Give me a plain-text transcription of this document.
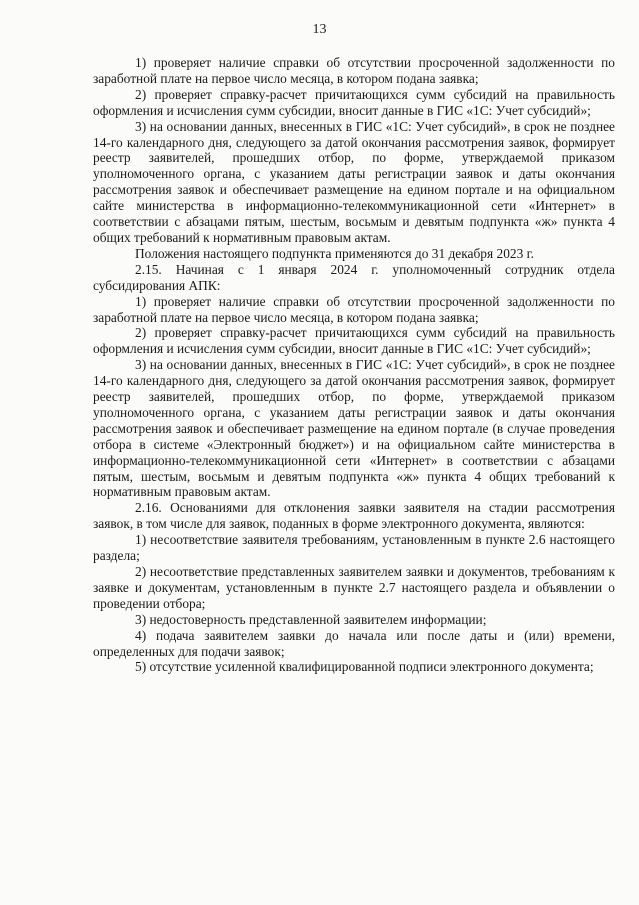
13

1) проверяет наличие справки об отсутствии просроченной задолженности по заработной плате на первое число месяца, в котором подана заявка;

2) проверяет справку-расчет причитающихся сумм субсидий на правильность оформления и исчисления сумм субсидии, вносит данные в ГИС «1С: Учет субсидий»;

3) на основании данных, внесенных в ГИС «1С: Учет субсидий», в срок не позднее 14-го календарного дня, следующего за датой окончания рассмотрения заявок, формирует реестр заявителей, прошедших отбор, по форме, утверждаемой приказом уполномоченного органа, с указанием даты регистрации заявок и даты окончания рассмотрения заявок и обеспечивает размещение на едином портале и на официальном сайте министерства в информационно-телекоммуникационной сети «Интернет» в соответствии с абзацами пятым, шестым, восьмым и девятым подпункта «ж» пункта 4 общих требований к нормативным правовым актам.

Положения настоящего подпункта применяются до 31 декабря 2023 г.

2.15. Начиная с 1 января 2024 г. уполномоченный сотрудник отдела субсидирования АПК:

1) проверяет наличие справки об отсутствии просроченной задолженности по заработной плате на первое число месяца, в котором подана заявка;

2) проверяет справку-расчет причитающихся сумм субсидий на правильность оформления и исчисления сумм субсидии, вносит данные в ГИС «1С: Учет субсидий»;

3) на основании данных, внесенных в ГИС «1С: Учет субсидий», в срок не позднее 14-го календарного дня, следующего за датой окончания рассмотрения заявок, формирует реестр заявителей, прошедших отбор, по форме, утверждаемой приказом уполномоченного органа, с указанием даты регистрации заявок и даты окончания рассмотрения заявок и обеспечивает размещение на едином портале (в случае проведения отбора в системе «Электронный бюджет») и на официальном сайте министерства в информационно-телекоммуникационной сети «Интернет» в соответствии с абзацами пятым, шестым, восьмым и девятым подпункта «ж» пункта 4 общих требований к нормативным правовым актам.

2.16. Основаниями для отклонения заявки заявителя на стадии рассмотрения заявок, в том числе для заявок, поданных в форме электронного документа, являются:

1) несоответствие заявителя требованиям, установленным в пункте 2.6 настоящего раздела;

2) несоответствие представленных заявителем заявки и документов, требованиям к заявке и документам, установленным в пункте 2.7 настоящего раздела и объявлении о проведении отбора;

3) недостоверность представленной заявителем информации;

4) подача заявителем заявки до начала или после даты и (или) времени, определенных для подачи заявок;

5) отсутствие усиленной квалифицированной подписи электронного документа;
